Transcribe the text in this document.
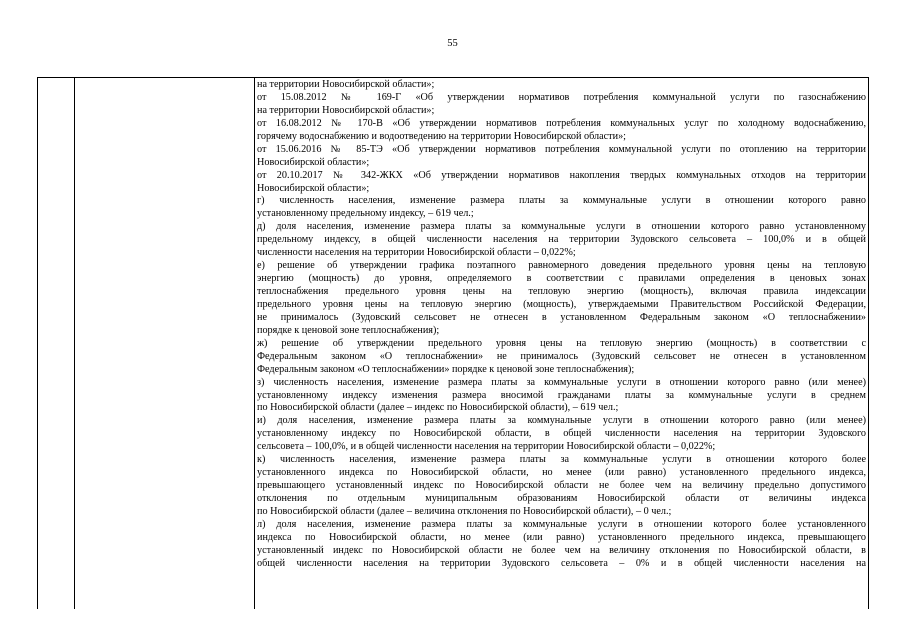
55
на территории Новосибирской области»;
от 15.08.2012 № 169-Г «Об утверждении нормативов потребления коммунальной услуги по газоснабжению
на территории Новосибирской области»;
от 16.08.2012 № 170-В «Об утверждении нормативов потребления коммунальных услуг по холодному водоснабжению,
горячему водоснабжению и водоотведению на территории Новосибирской области»;
от 15.06.2016 № 85-ТЭ «Об утверждении нормативов потребления коммунальной услуги по отоплению на территории
Новосибирской области»;
от 20.10.2017 № 342-ЖКХ «Об утверждении нормативов накопления твердых коммунальных отходов на территории
Новосибирской области»;
г) численность населения, изменение размера платы за коммунальные услуги в отношении которого равно
установленному предельному индексу, – 619 чел.;
д) доля населения, изменение размера платы за коммунальные услуги в отношении которого равно установленному
предельному индексу, в общей численности населения на территории Зудовского сельсовета – 100,0% и в общей
численности населения на территории Новосибирской области – 0,022%;
е) решение об утверждении графика поэтапного равномерного доведения предельного уровня цены на тепловую
энергию (мощность) до уровня, определяемого в соответствии с правилами определения в ценовых зонах
теплоснабжения предельного уровня цены на тепловую энергию (мощность), включая правила индексации
предельного уровня цены на тепловую энергию (мощность), утверждаемыми Правительством Российской Федерации,
не принималось (Зудовский сельсовет не отнесен в установленном Федеральным законом «О теплоснабжении»
порядке к ценовой зоне теплоснабжения);
ж) решение об утверждении предельного уровня цены на тепловую энергию (мощность) в соответствии с
Федеральным законом «О теплоснабжении» не принималось (Зудовский сельсовет не отнесен в установленном
Федеральным законом «О теплоснабжении» порядке к ценовой зоне теплоснабжения);
з) численность населения, изменение размера платы за коммунальные услуги в отношении которого равно (или менее)
установленному индексу изменения размера вносимой гражданами платы за коммунальные услуги в среднем
по Новосибирской области (далее – индекс по Новосибирской области), – 619 чел.;
и) доля населения, изменение размера платы за коммунальные услуги в отношении которого равно (или менее)
установленному индексу по Новосибирской области, в общей численности населения на территории Зудовского
сельсовета – 100,0%, и в общей численности населения на территории Новосибирской области – 0,022%;
к) численность населения, изменение размера платы за коммунальные услуги в отношении которого более
установленного индекса по Новосибирской области, но менее (или равно) установленного предельного индекса,
превышающего установленный индекс по Новосибирской области не более чем на величину предельно допустимого
отклонения по отдельным муниципальным образованиям Новосибирской области от величины индекса
по Новосибирской области (далее – величина отклонения по Новосибирской области), – 0 чел.;
л) доля населения, изменение размера платы за коммунальные услуги в отношении которого более установленного
индекса по Новосибирской области, но менее (или равно) установленного предельного индекса, превышающего
установленный индекс по Новосибирской области не более чем на величину отклонения по Новосибирской области, в
общей численности населения на территории Зудовского сельсовета – 0% и в общей численности населения на
